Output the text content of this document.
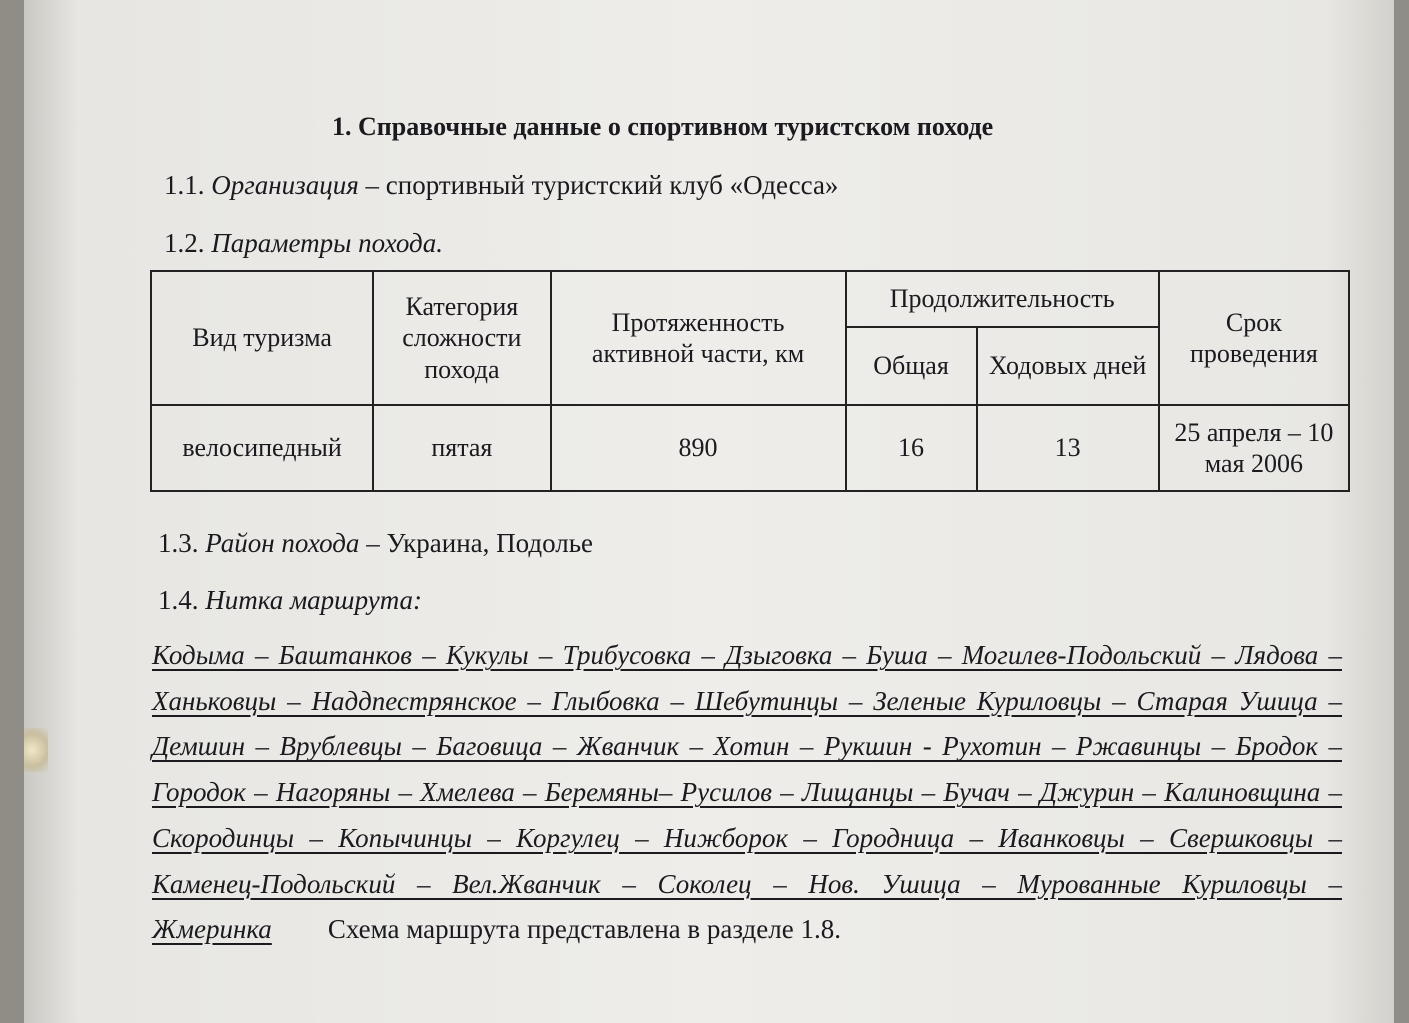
1. Справочные данные о спортивном туристском походе
1.1. Организация – спортивный туристский клуб «Одесса»
1.2. Параметры похода.
Вид туризма	Категория сложности похода	Протяженность активной части, км	Продолжительность		Срок проведения
			Общая	Ходовых дней	
велосипедный	пятая	890	16	13	25 апреля – 10 мая 2006
1.3. Район похода – Украина, Подолье
1.4. Нитка маршрута:
Кодыма – Баштанков – Кукулы – Трибусовка – Дзыговка – Буша – Могилев-Подольский – Лядова – Ханьковцы – Наддnестрянское – Глыбовка – Шебутинцы – Зеленые Куриловцы – Старая Ушица – Демшин – Врублевцы – Баговица – Жванчик – Хотин – Рукшин - Рухотин – Ржавинцы – Бродок – Городок – Нагоряны – Хмелева – Беремяны– Русилов – Лищанцы – Бучач – Джурин – Калиновщина – Скородинцы – Копычинцы – Коргулец – Нижборок – Городница – Иванковцы – Свершковцы – Каменец-Подольский – Вел.Жванчик – Соколец – Нов. Ушица – Мурованные Куриловцы – Жмеринка Схема маршрута представлена в разделе 1.8.
